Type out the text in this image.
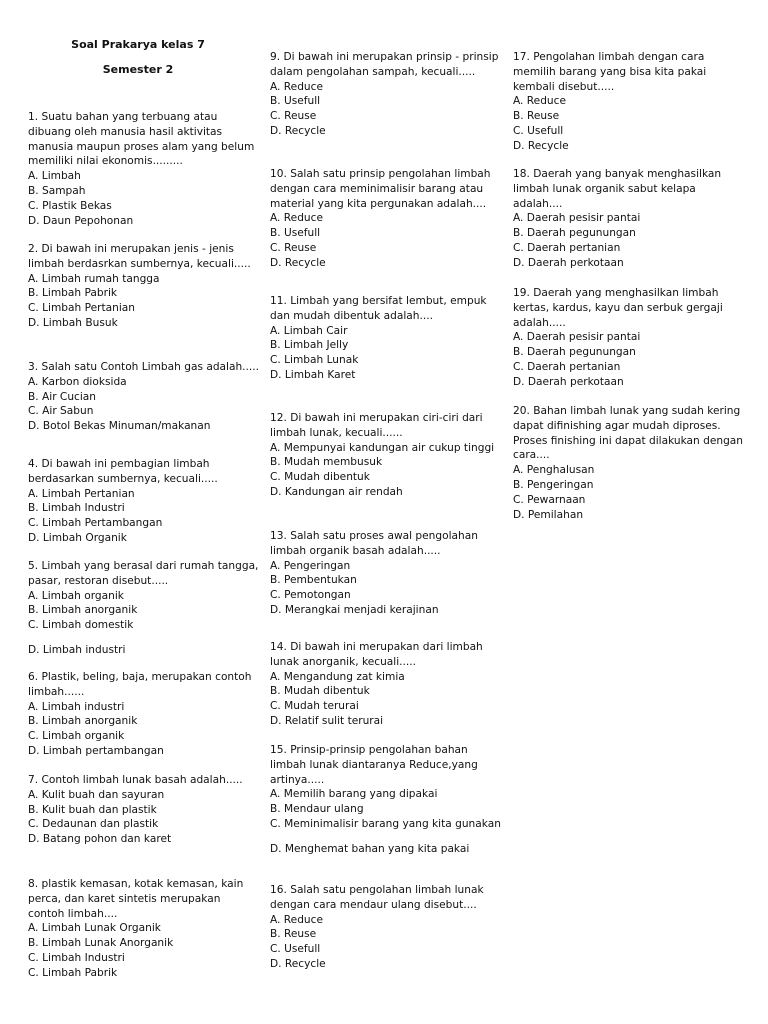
Soal Prakarya kelas 7
Semester 2
1. Suatu bahan yang terbuang atau dibuang oleh manusia hasil aktivitas manusia maupun proses alam yang belum memiliki nilai ekonomis.........
A. Limbah
B. Sampah
C. Plastik Bekas
D. Daun Pepohonan
2. Di bawah ini merupakan jenis - jenis limbah berdasrkan sumbernya, kecuali.....
A. Limbah rumah tangga
B. Limbah Pabrik
C. Limbah Pertanian
D. Limbah Busuk
3. Salah satu Contoh Limbah gas adalah.....
A. Karbon dioksida
B. Air Cucian
C. Air Sabun
D. Botol Bekas Minuman/makanan
4. Di bawah ini pembagian limbah berdasarkan sumbernya, kecuali.....
A. Limbah Pertanian
B. Limbah Industri
C. Limbah Pertambangan
D. Limbah Organik
5. Limbah yang berasal dari rumah tangga, pasar, restoran disebut.....
A. Limbah organik
B. Limbah anorganik
C. Limbah domestik
D. Limbah industri
6. Plastik, beling, baja, merupakan contoh limbah......
A. Limbah industri
B. Limbah anorganik
C. Limbah organik
D. Limbah pertambangan
7. Contoh limbah lunak basah adalah.....
A. Kulit buah dan sayuran
B. Kulit buah dan plastik
C. Dedaunan dan plastik
D. Batang pohon dan karet
8. plastik kemasan, kotak kemasan, kain perca, dan karet sintetis merupakan contoh limbah....
A. Limbah Lunak Organik
B. Limbah Lunak Anorganik
C. Limbah Industri
C. Limbah Pabrik
9. Di bawah ini merupakan prinsip - prinsip dalam pengolahan sampah, kecuali.....
A. Reduce
B. Usefull
C. Reuse
D. Recycle
10. Salah satu prinsip pengolahan limbah dengan cara meminimalisir barang atau material yang kita pergunakan adalah....
A. Reduce
B. Usefull
C. Reuse
D. Recycle
11. Limbah yang bersifat lembut, empuk dan mudah dibentuk adalah....
A. Limbah Cair
B. Limbah Jelly
C. Limbah Lunak
D. Limbah Karet
12. Di bawah ini merupakan ciri-ciri dari limbah lunak, kecuali......
A. Mempunyai kandungan air cukup tinggi
B. Mudah membusuk
C. Mudah dibentuk
D. Kandungan air rendah
13. Salah satu proses awal pengolahan limbah organik basah adalah.....
A. Pengeringan
B. Pembentukan
C. Pemotongan
D. Merangkai menjadi kerajinan
14. Di bawah ini merupakan dari limbah lunak anorganik, kecuali.....
A. Mengandung zat kimia
B. Mudah dibentuk
C. Mudah terurai
D. Relatif sulit terurai
15. Prinsip-prinsip pengolahan bahan limbah lunak diantaranya Reduce,yang artinya.....
A. Memilih barang yang dipakai
B. Mendaur ulang
C. Meminimalisir barang yang kita gunakan
D. Menghemat bahan yang kita pakai
16. Salah satu pengolahan limbah lunak dengan cara mendaur ulang disebut....
A. Reduce
B. Reuse
C. Usefull
D. Recycle
17. Pengolahan limbah dengan cara memilih barang yang bisa kita pakai kembali disebut.....
A. Reduce
B. Reuse
C. Usefull
D. Recycle
18. Daerah yang banyak menghasilkan limbah lunak organik sabut kelapa adalah....
A. Daerah pesisir pantai
B. Daerah pegunungan
C. Daerah pertanian
D. Daerah perkotaan
19. Daerah yang menghasilkan limbah kertas, kardus, kayu dan serbuk gergaji adalah.....
A. Daerah pesisir pantai
B. Daerah pegunungan
C. Daerah pertanian
D. Daerah perkotaan
20. Bahan limbah lunak yang sudah kering dapat difinishing agar mudah diproses. Proses finishing ini dapat dilakukan dengan cara....
A. Penghalusan
B. Pengeringan
C. Pewarnaan
D. Pemilahan
